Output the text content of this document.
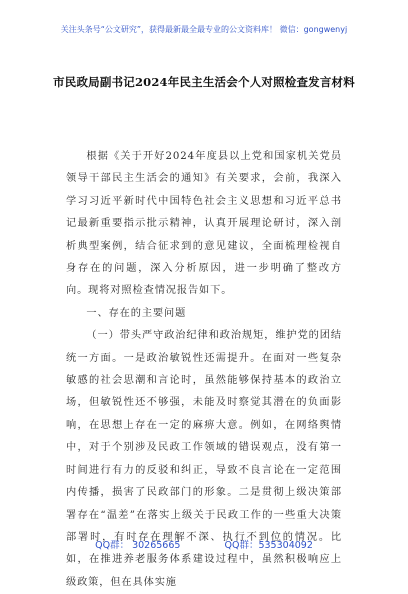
关注头条号“公文研究”，获得最新最全最专业的公文资料库！ 微信：gongwenyj
市民政局副书记2024年民主生活会个人对照检查发言材料

根据《关于开好2024年度县以上党和国家机关党员领导干部民主生活会的通知》有关要求，会前，我深入学习习近平新时代中国特色社会主义思想和习近平总书记最新重要指示批示精神，认真开展理论研讨，深入剖析典型案例，结合征求到的意见建议，全面梳理检视自身存在的问题，深入分析原因，进一步明确了整改方向。现将对照检查情况报告如下。

一、存在的主要问题

（一）带头严守政治纪律和政治规矩，维护党的团结统一方面。一是政治敏锐性还需提升。在面对一些复杂敏感的社会思潮和言论时，虽然能够保持基本的政治立场，但敏锐性还不够强，未能及时察觉其潜在的负面影响，在思想上存在一定的麻痹大意。例如，在网络舆情中，对于个别涉及民政工作领域的错误观点，没有第一时间进行有力的反驳和纠正，导致不良言论在一定范围内传播，损害了民政部门的形象。二是贯彻上级决策部署存在“温差”在落实上级关于民政工作的一些重大决策部署时，有时存在理解不深、执行不到位的情况。比如，在推进养老服务体系建设过程中，虽然积极响应上级政策，但在具体实施

QQ群： 30265665	QQ群：535304092
